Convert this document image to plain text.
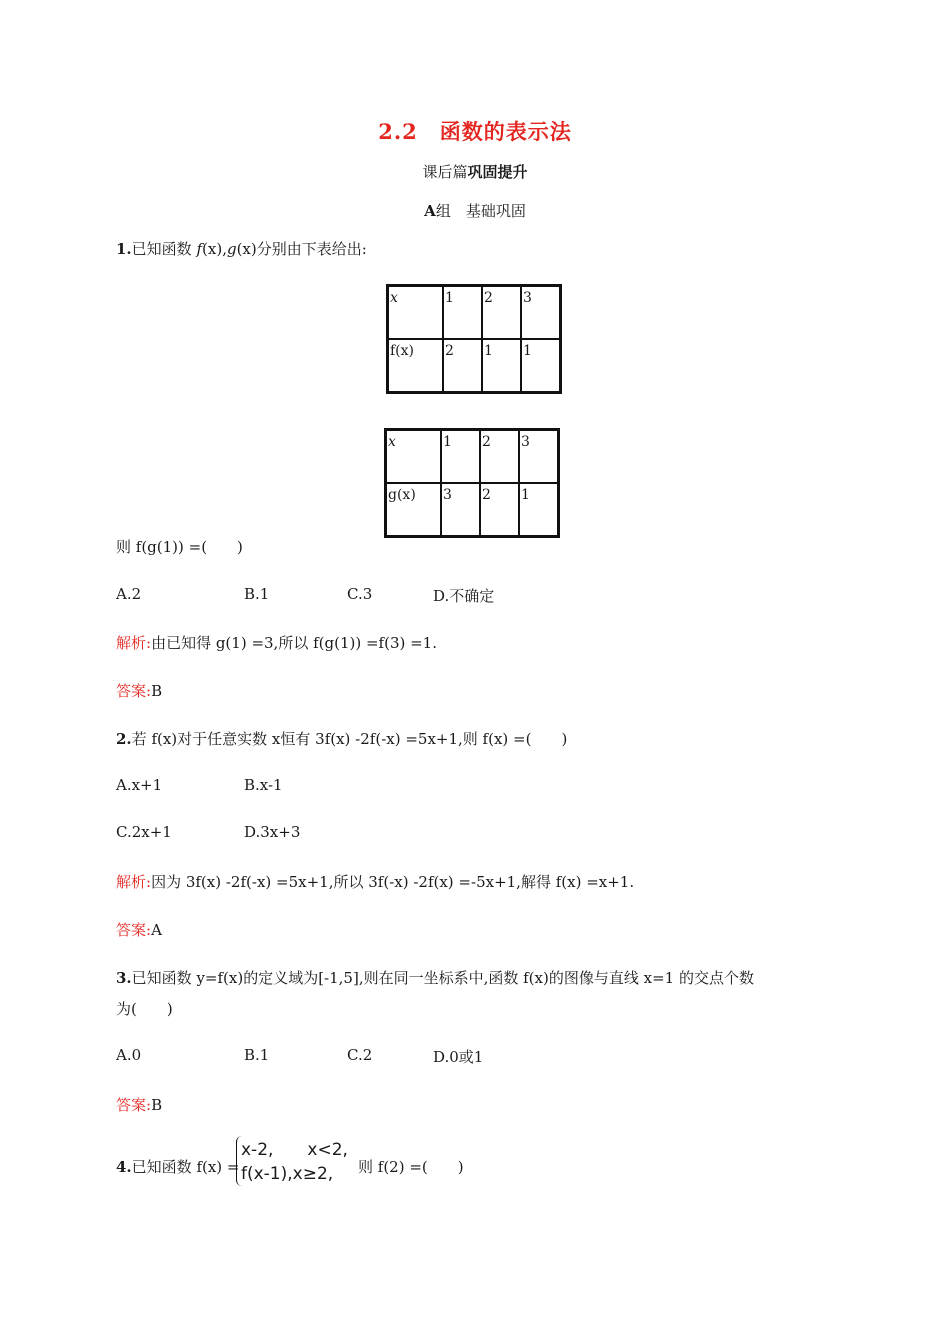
2.2　函数的表示法
课后篇巩固提升
A组　基础巩固
1.已知函数 f(x),g(x)分别由下表给出:
x	1	2	3
f(x)	2	1	1
x	1	2	3
g(x)	3	2	1
则 f(g(1)) =(　　)
A.2	B.1	C.3	D.不确定
解析:由已知得 g(1) =3,所以 f(g(1)) =f(3) =1.
答案:B
2.若 f(x)对于任意实数 x恒有 3f(x) -2f(-x) =5x+1,则 f(x) =(　　)
A.x+1	B.x-1
C.2x+1	D.3x+3
解析:因为 3f(x) -2f(-x) =5x+1,所以 3f(-x) -2f(x) =-5x+1,解得 f(x) =x+1.
答案:A
3.已知函数 y=f(x)的定义域为[-1,5],则在同一坐标系中,函数 f(x)的图像与直线 x=1 的交点个数
为(　　)
A.0	B.1	C.2	D.0或1
答案:B
4.已知函数 f(x) =
x-2,　　x<2,
f(x-1),x≥2,	则 f(2) =(　　)
